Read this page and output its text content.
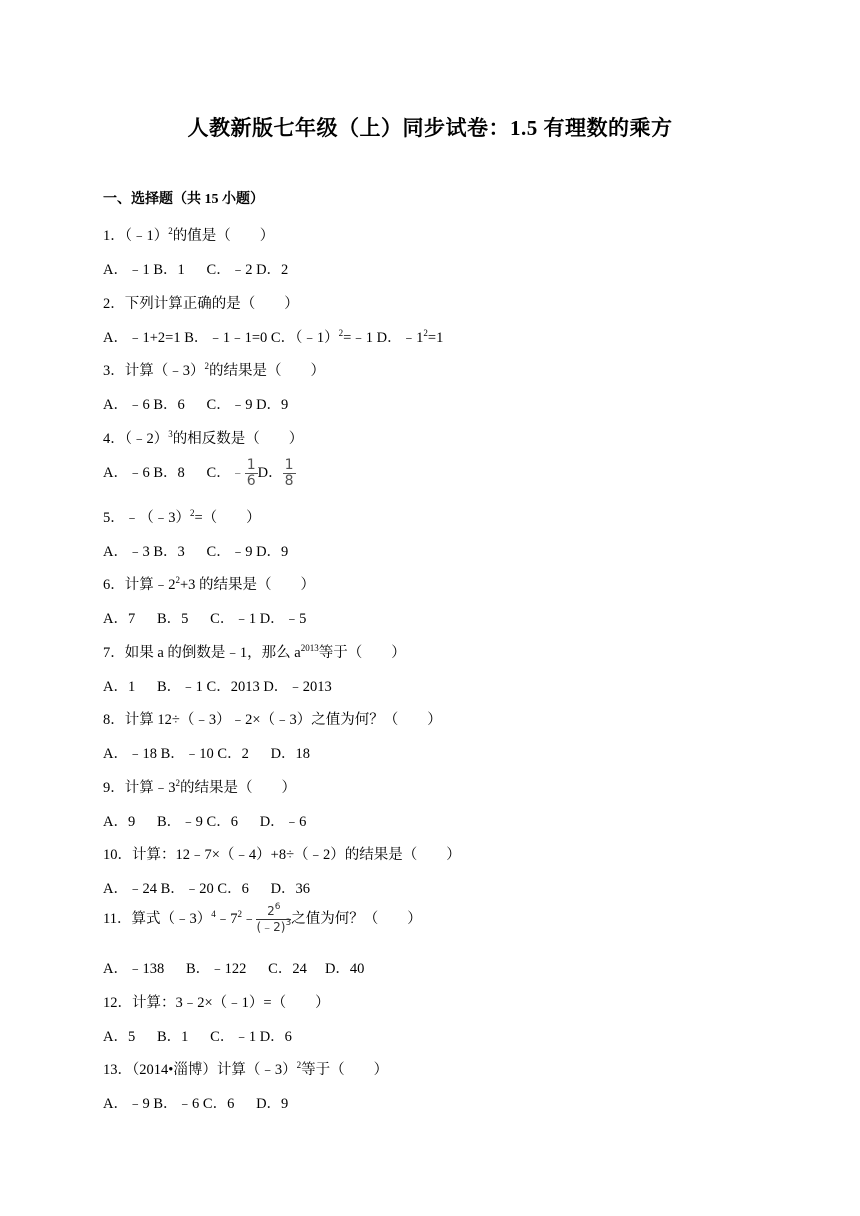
人教新版七年级（上）同步试卷：1.5 有理数的乘方
一、选择题（共 15 小题）
1．（﹣1）$^2$的值是（　　）
A．﹣1 B．1 　 C．﹣2 D．2
2．下列计算正确的是（　　）
A．﹣1+2=1 B．﹣1﹣1=0 C．（﹣1）$^2$=﹣1 D．$﹣1^2=1$
3．计算（﹣3）$^2$的结果是（　　）
A．﹣6 B．6 　 C．﹣9 D．9
4．（﹣2）$^3$的相反数是（　　）
A．﹣6 B．8 　 C．﹣ $\frac{1}{6}$ D． $\frac{1}{8}$
5．﹣（﹣3）$^2$=（　　）
A．﹣3 B．3 　 C．﹣9 D．9
6．计算$﹣2^2+3$ 的结果是（　　）
A．7 　 B．5 　 C．﹣1 D．﹣5
7．如果 a 的倒数是﹣1，那么 $a^{2013}$等于（　　）
A．1 　 B．﹣1 C．2013 D．﹣2013
8．计算 12÷（﹣3）﹣2×（﹣3）之值为何？（　　）
A．﹣18 B．﹣10 C．2 　 D．18
9．计算$﹣3^2$的结果是（　　）
A．9 　 B．﹣9 C．6 　 D．﹣6
10．计算：12﹣7×（﹣4）+8÷（﹣2）的结果是（　　）
A．﹣24 B．﹣20 C．6 　 D．36
11．算式$(﹣3)^4﹣7^2﹣ \frac{2^6}{(﹣2)^3}$ 之值为何？（　　）
A．﹣138 　 B．﹣122 　 C．24 　D．40
12．计算：3﹣2×（﹣1）=（　　）
A．5 　 B．1 　 C．﹣1 D．6
13．（2014•淄博）计算（﹣3）$^2$等于（　　）
A．﹣9 B．﹣6 C．6 　 D．9
